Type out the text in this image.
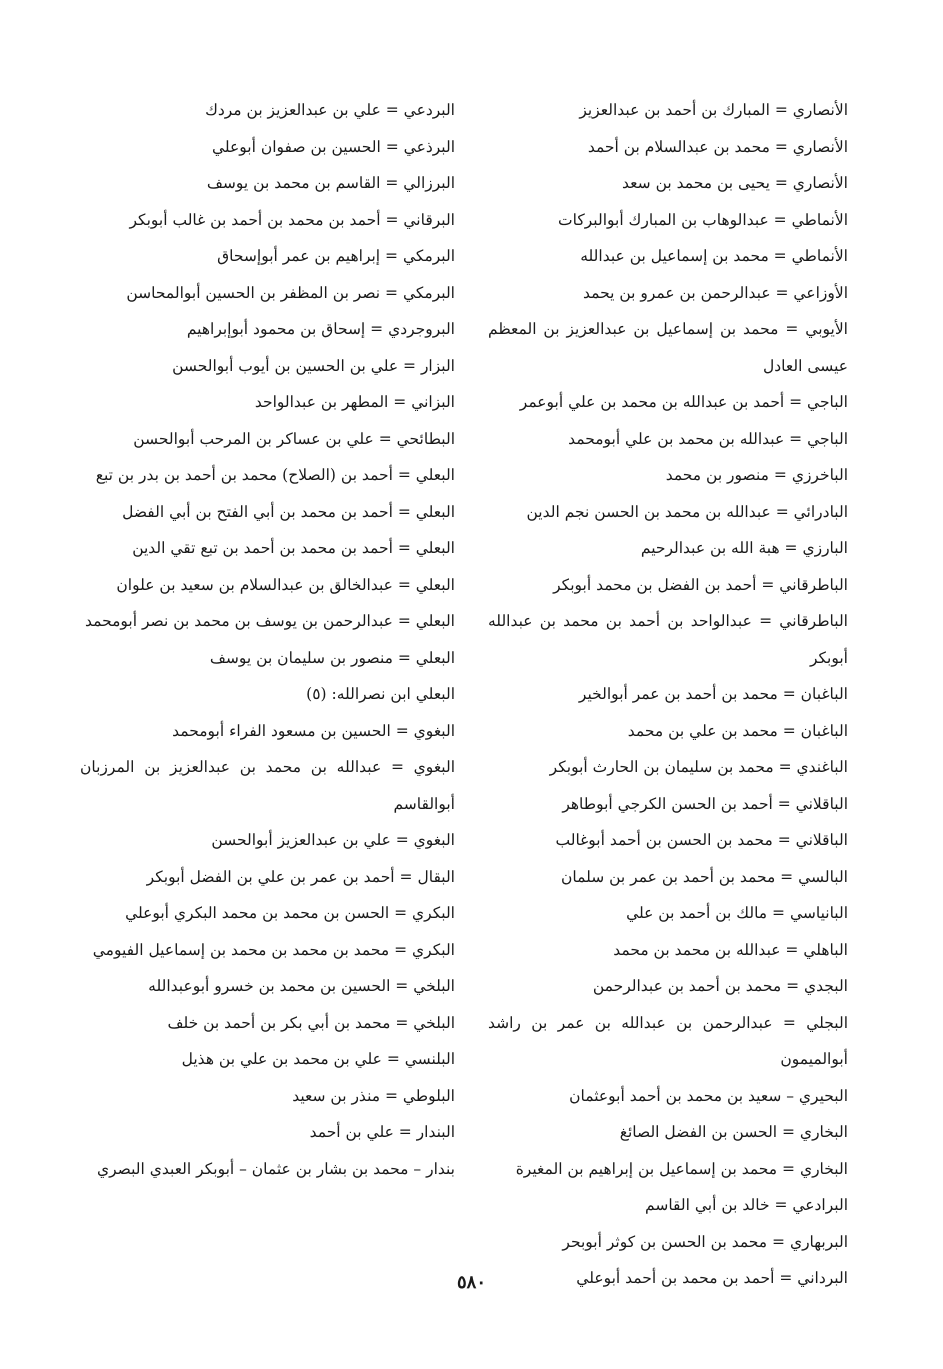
الأنصاري = المبارك بن أحمد بن عبدالعزيز
الأنصاري = محمد بن عبدالسلام بن أحمد
الأنصاري = يحيى بن محمد بن سعد
الأنماطي = عبدالوهاب بن المبارك أبوالبركات
الأنماطي = محمد بن إسماعيل بن عبدالله
الأوزاعي = عبدالرحمن بن عمرو بن يحمد
الأيوبي = محمد بن إسماعيل بن عبدالعزيز بن المعظم عيسى العادل
الباجي = أحمد بن عبدالله بن محمد بن علي أبوعمر
الباجي = عبدالله بن محمد بن علي أبومحمد
الباخرزي = منصور بن محمد
البادرائي = عبدالله بن محمد بن الحسن نجم الدين
البارزي = هبة الله بن عبدالرحيم
الباطرقاني = أحمد بن الفضل بن محمد أبوبكر
الباطرقاني = عبدالواحد بن أحمد بن محمد بن عبدالله أبوبكر
الباغبان = محمد بن أحمد بن عمر أبوالخير
الباغبان = محمد بن علي بن محمد
الباغندي = محمد بن سليمان بن الحارث أبوبكر
الباقلاني = أحمد بن الحسن الكرجي أبوطاهر
الباقلاني = محمد بن الحسن بن أحمد أبوغالب
البالسي = محمد بن أحمد بن عمر بن سلمان
البانياسي = مالك بن أحمد بن علي
الباهلي = عبدالله بن محمد بن محمد
البجدي = محمد بن أحمد بن عبدالرحمن
البجلي = عبدالرحمن بن عبدالله بن عمر بن راشد أبوالميمون
البحيري – سعيد بن محمد بن أحمد أبوعثمان
البخاري = الحسن بن الفضل الصائغ
البخاري = محمد بن إسماعيل بن إبراهيم بن المغيرة
البرادعي = خالد بن أبي القاسم
البربهاري = محمد بن الحسن بن كوثر أبوبحر
البرداني = أحمد بن محمد بن أحمد أبوعلي
البردعي = علي بن عبدالعزيز بن مردك
البرذعي = الحسين بن صفوان أبوعلي
البرزالي = القاسم بن محمد بن يوسف
البرقاني = أحمد بن محمد بن أحمد بن غالب أبوبكر
البرمكي = إبراهيم بن عمر أبوإسحاق
البرمكي = نصر بن المظفر بن الحسين أبوالمحاسن
البروجردي = إسحاق بن محمود أبوإبراهيم
البزار = علي بن الحسين بن أيوب أبوالحسن
البزاني = المطهر بن عبدالواحد
البطائحي = علي بن عساكر بن المرحب أبوالحسن
البعلي = أحمد بن (الصلاح) محمد بن أحمد بن بدر بن تبع
البعلي = أحمد بن محمد بن أبي الفتح بن أبي الفضل
البعلي = أحمد بن محمد بن أحمد بن تبع تقي الدين
البعلي = عبدالخالق بن عبدالسلام بن سعيد بن علوان
البعلي = عبدالرحمن بن يوسف بن محمد بن نصر أبومحمد
البعلي = منصور بن سليمان بن يوسف
البعلي ابن نصرالله: (٥)
البغوي = الحسين بن مسعود الفراء أبومحمد
البغوي = عبدالله بن محمد بن عبدالعزيز بن المرزبان أبوالقاسم
البغوي = علي بن عبدالعزيز أبوالحسن
البقال = أحمد بن عمر بن علي بن الفضل أبوبكر
البكري = الحسن بن محمد بن محمد البكري أبوعلي
البكري = محمد بن محمد بن محمد بن إسماعيل الفيومي
البلخي = الحسين بن محمد بن خسرو أبوعبدالله
البلخي = محمد بن أبي بكر بن أحمد بن خلف
البلنسي = علي بن محمد بن علي بن هذيل
البلوطي = منذر بن سعيد
البندار = علي بن أحمد
بندار – محمد بن بشار بن عثمان – أبوبكر العبدي البصري
٥٨٠
